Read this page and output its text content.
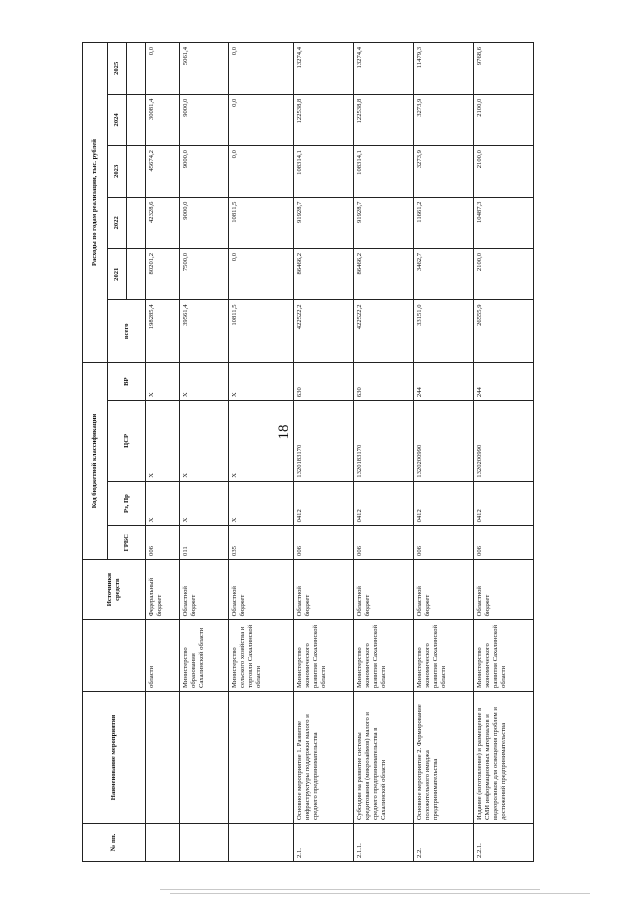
18
№ пп.	Наименование мероприятия		Источники средств	Код бюджетной классификации				Расходы по годам реализации, тыс. рублей					
				ГРБС	Рз, Пр	ЦСР	ВР	всего	2021	2022	2023	2024	2025

		области	Федеральный бюджет	006	Х	Х	Х	198285,4	80201,2	42328,6	45674,2	30081,4	0,0
		Министерство образования Сахалинской области	Областной бюджет	011	Х	Х	Х	39561,4	7500,0	9000,0	9000,0	9000,0	5061,4
		Министерство сельского хозяйства и торговли Сахалинской области	Областной бюджет	035	Х	Х	Х	10811,5	0,0	10811,5	0,0	0,0	0,0
2.1.	Основное мероприятие 1. Развитие инфраструктуры поддержки малого и среднего предпринимательства	Министерство экономического развития Сахалинской области	Областной бюджет	006	0412	1320183170	630	422522,2	86466,2	91928,7	108314,1	122538,8	13274,4
2.1.1.	Субсидии на развитие системы кредитования (микрозаймов) малого и среднего предпринимательства в Сахалинской области	Министерство экономического развития Сахалинской области	Областной бюджет	006	0412	1320183170	630	422522,2	86466,2	91928,7	108314,1	122538,8	13274,4
2.2.	Основное мероприятие 2. Формирование положительного имиджа предпринимательства	Министерство экономического развития Сахалинской области	Областной бюджет	006	0412	1320200990	244	33151,0	3462,7	11661,2	3273,9	3273,9	11479,3
2.2.1.	Издание (изготовление) и размещение в СМИ информационных материалов и видеороликов для освещения проблем и достижений предпринимательства	Министерство экономического развития Сахалинской области	Областной бюджет	006	0412	1320200990	244	26555,9	2100,0	10487,3	2100,0	2100,0	9768,6
